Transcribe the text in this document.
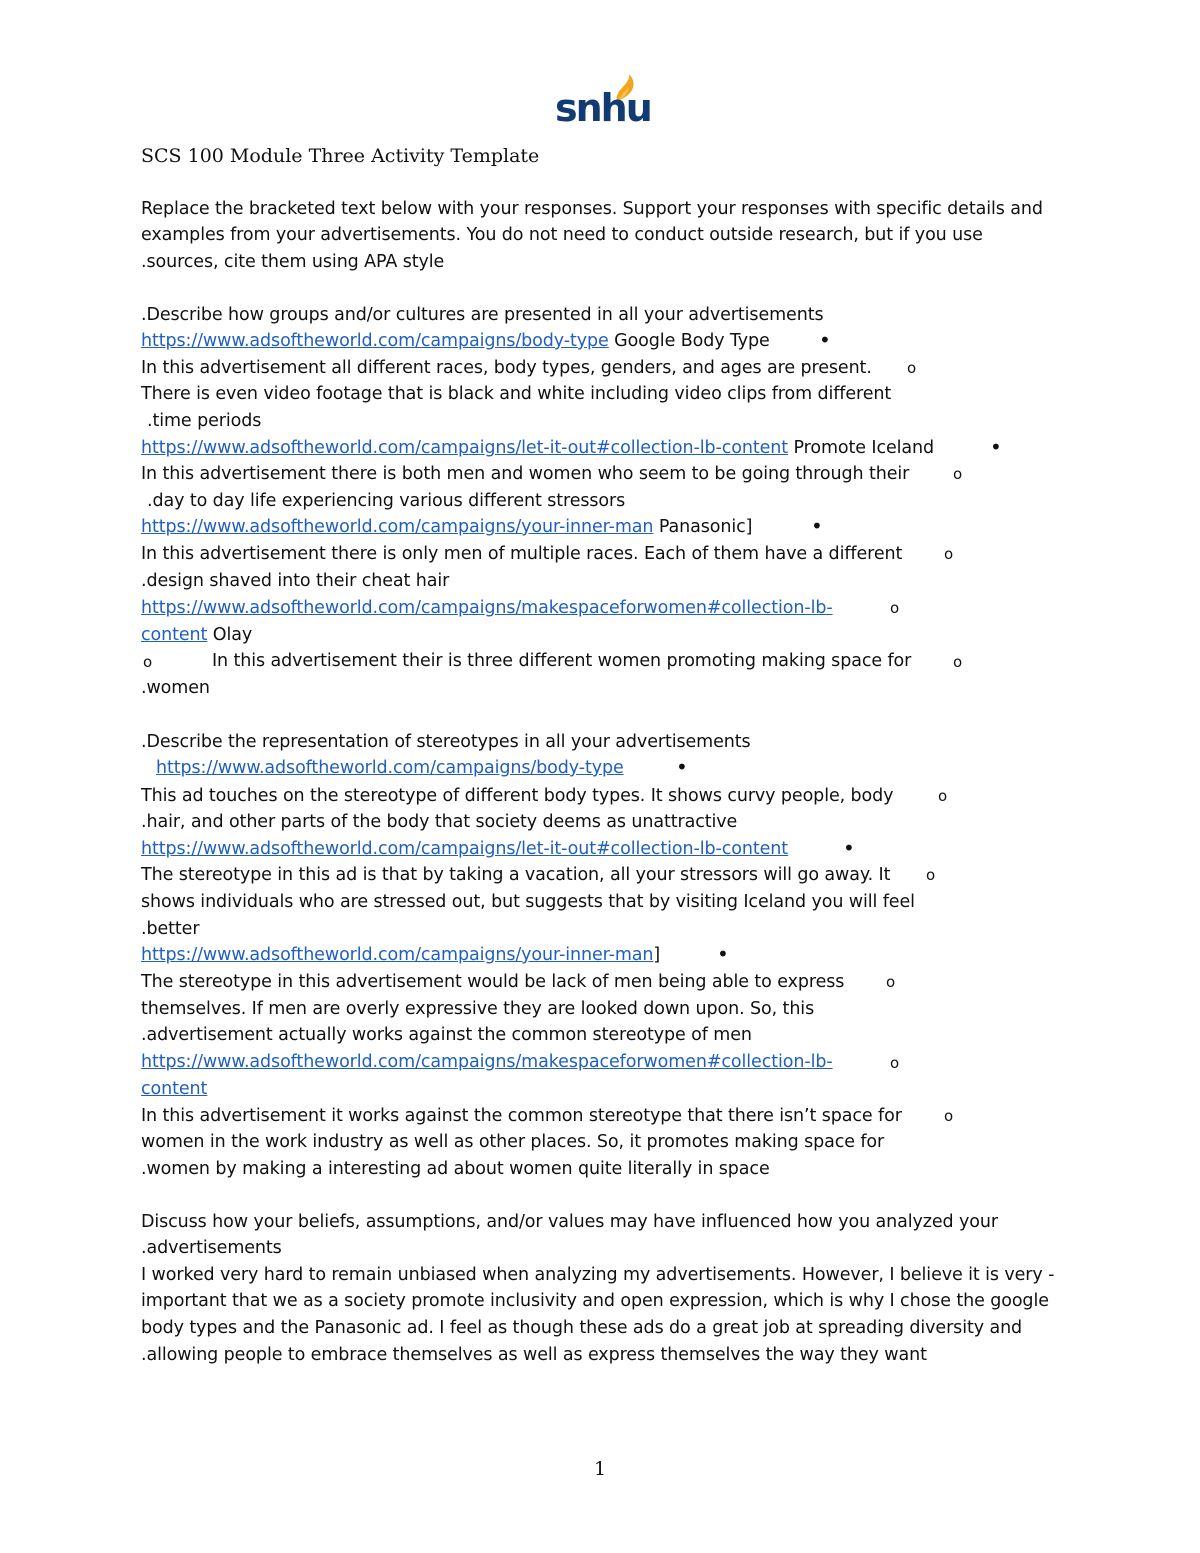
snhu
SCS 100 Module Three Activity Template
Replace the bracketed text below with your responses. Support your responses with specific details and
examples from your advertisements. You do not need to conduct outside research, but if you use
.sources, cite them using APA style
.Describe how groups and/or cultures are presented in all your advertisements
https://www.adsoftheworld.com/campaigns/body-type Google Body Type •
In this advertisement all different races, body types, genders, and ages are present. o
There is even video footage that is black and white including video clips from different
.time periods
https://www.adsoftheworld.com/campaigns/let-it-out#collection-lb-content Promote Iceland	•
In this advertisement there is both men and women who seem to be going through their	o
.day to day life experiencing various different stressors
https://www.adsoftheworld.com/campaigns/your-inner-man Panasonic]	•
In this advertisement there is only men of multiple races. Each of them have a different	o
.design shaved into their cheat hair
https://www.adsoftheworld.com/campaigns/makespaceforwomen#collection-lb-	o
content Olay
o	In this advertisement their is three different women promoting making space for	o
.women
.Describe the representation of stereotypes in all your advertisements
https://www.adsoftheworld.com/campaigns/body-type	•
This ad touches on the stereotype of different body types. It shows curvy people, body	o
.hair, and other parts of the body that society deems as unattractive
https://www.adsoftheworld.com/campaigns/let-it-out#collection-lb-content	•
The stereotype in this ad is that by taking a vacation, all your stressors will go away. It o
shows individuals who are stressed out, but suggests that by visiting Iceland you will feel
.better
https://www.adsoftheworld.com/campaigns/your-inner-man]	•
The stereotype in this advertisement would be lack of men being able to express	o
themselves. If men are overly expressive they are looked down upon. So, this
.advertisement actually works against the common stereotype of men
https://www.adsoftheworld.com/campaigns/makespaceforwomen#collection-lb-	o
content
In this advertisement it works against the common stereotype that there isn’t space for	o
women in the work industry as well as other places. So, it promotes making space for
.women by making a interesting ad about women quite literally in space
Discuss how your beliefs, assumptions, and/or values may have influenced how you analyzed your
.advertisements
I worked very hard to remain unbiased when analyzing my advertisements. However, I believe it is very -
important that we as a society promote inclusivity and open expression, which is why I chose the google
body types and the Panasonic ad. I feel as though these ads do a great job at spreading diversity and
.allowing people to embrace themselves as well as express themselves the way they want
1
